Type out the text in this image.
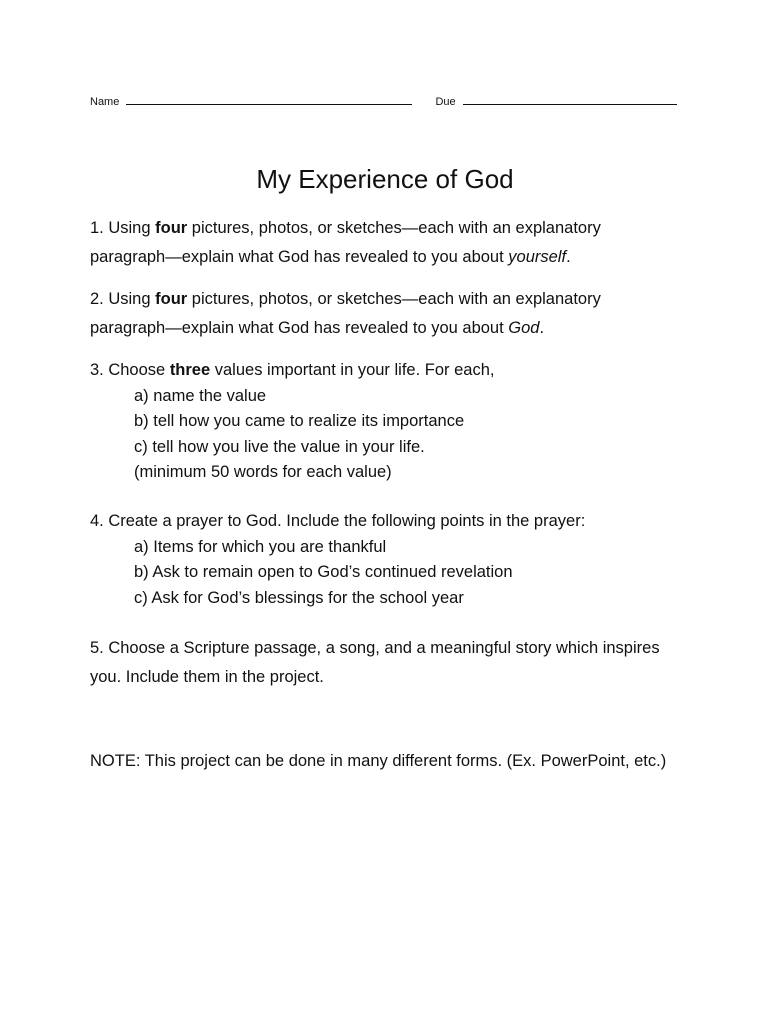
Name	Due
My Experience of God
1. Using four pictures, photos, or sketches—each with an explanatory paragraph—explain what God has revealed to you about yourself.
2. Using four pictures, photos, or sketches—each with an explanatory paragraph—explain what God has revealed to you about God.
3. Choose three values important in your life. For each,
a) name the value
b) tell how you came to realize its importance
c) tell how you live the value in your life.
(minimum 50 words for each value)
4. Create a prayer to God. Include the following points in the prayer:
a) Items for which you are thankful
b) Ask to remain open to God’s continued revelation
c) Ask for God’s blessings for the school year
5. Choose a Scripture passage, a song, and a meaningful story which inspires you. Include them in the project.
NOTE: This project can be done in many different forms. (Ex. PowerPoint, etc.)
